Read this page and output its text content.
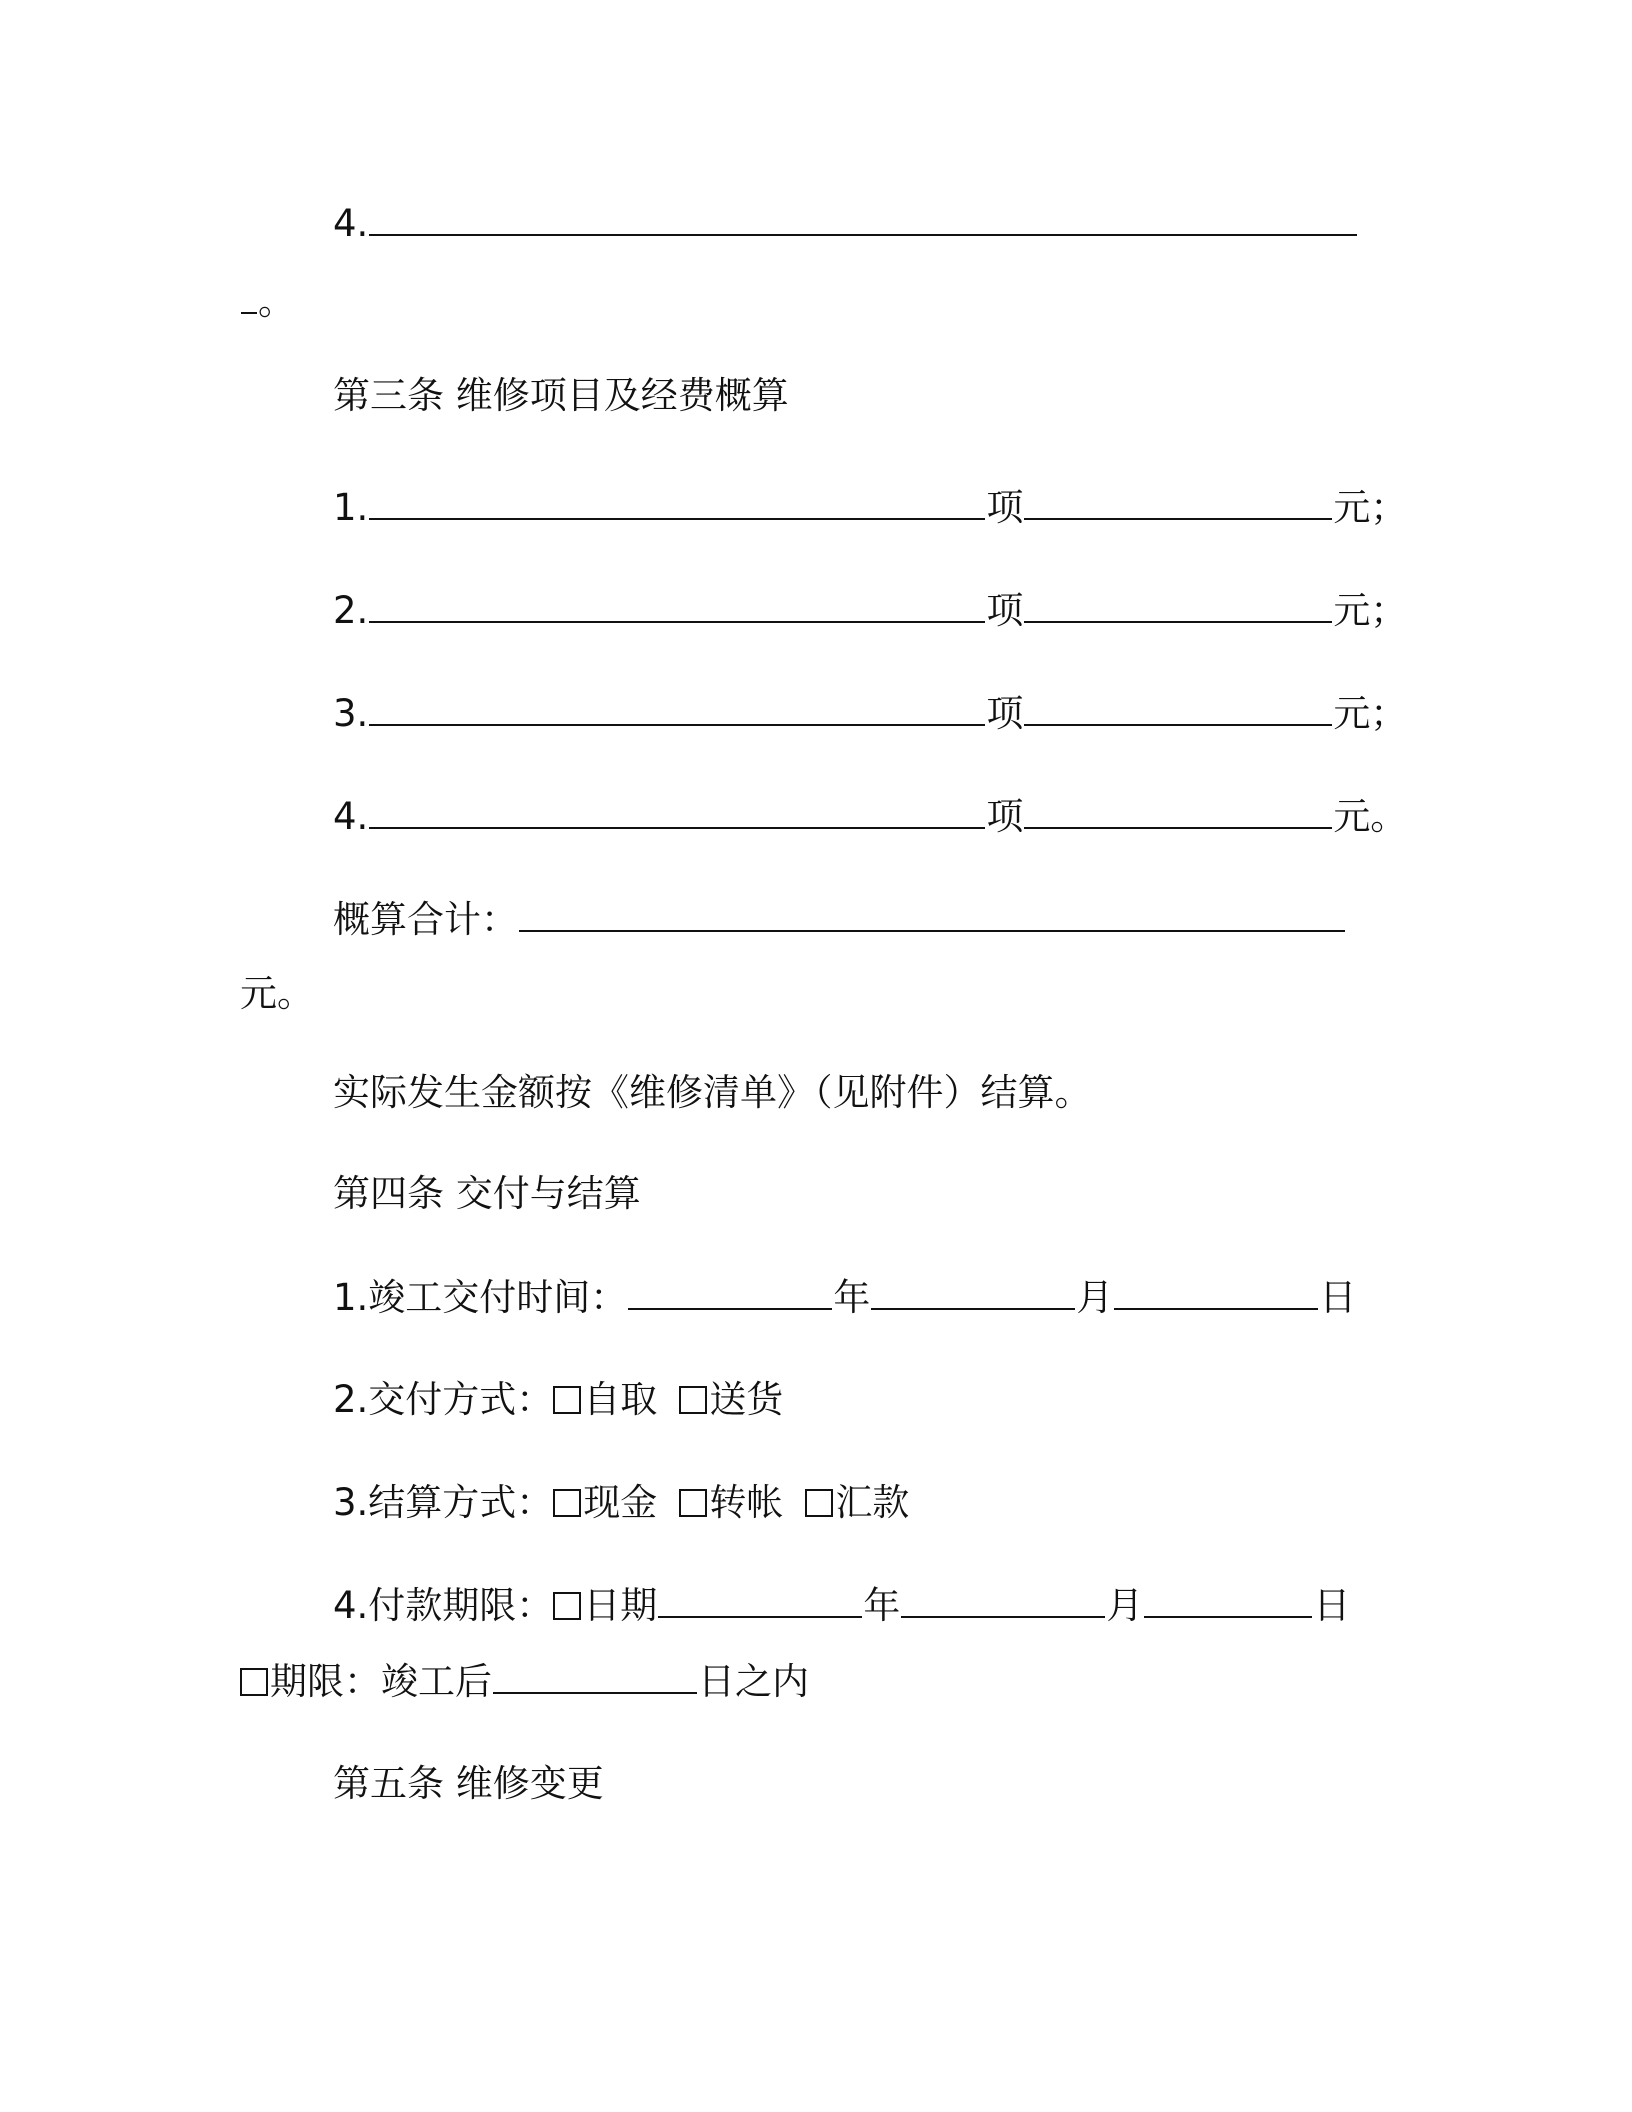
4.
。
第三条 维修项目及经费概算
1.	项	元；
2.	项	元；
3.	项	元；
4.	项	元。
概算合计：
元。
实际发生金额按《维修清单》（见附件）结算。
第四条 交付与结算
1.竣工交付时间：	年	月	日
2.交付方式： 自取 送货
3.结算方式： 现金 转帐 汇款
4.付款期限： 日期	年	月	日
期限：竣工后	日之内
第五条 维修变更
